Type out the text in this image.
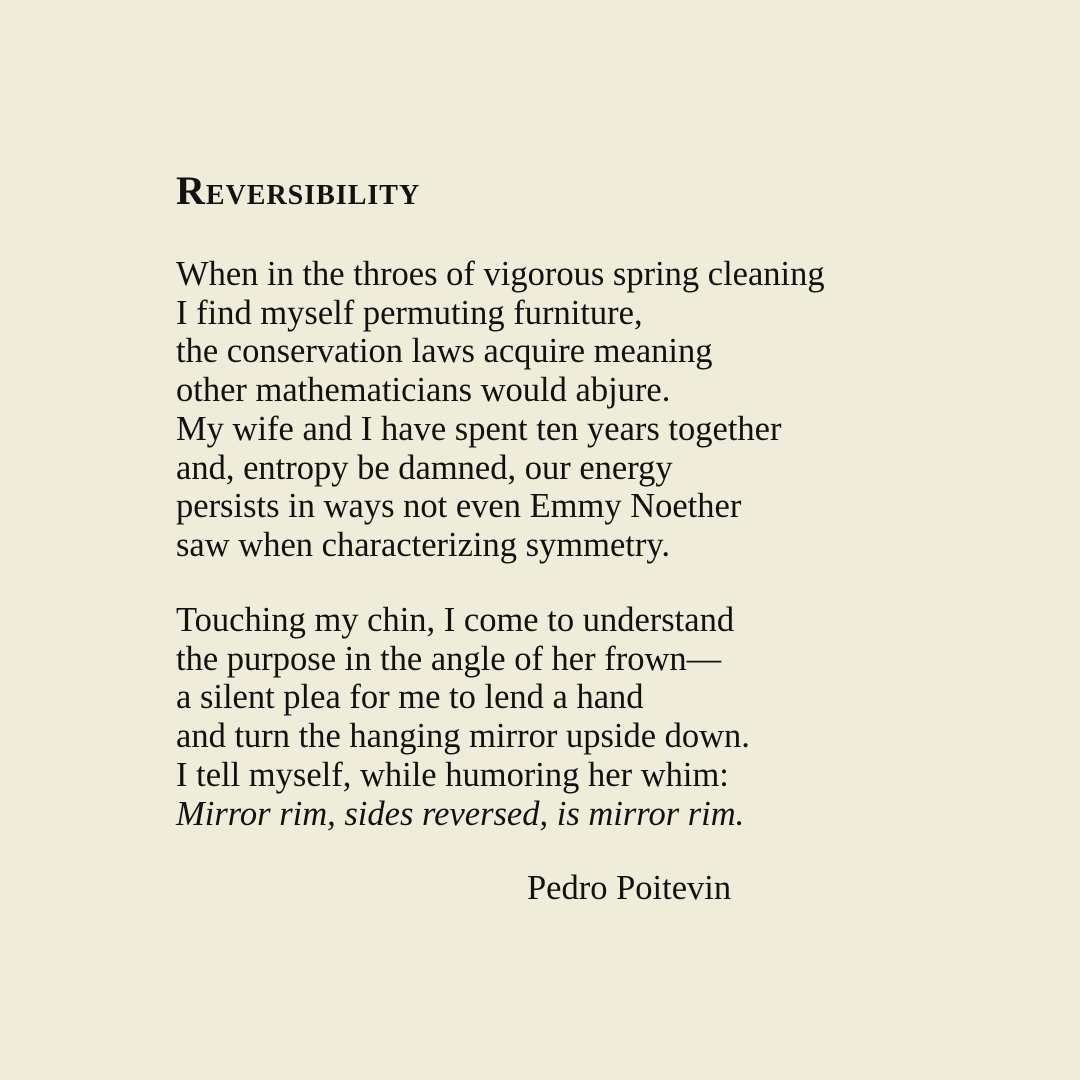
Reversibility

When in the throes of vigorous spring cleaning
I find myself permuting furniture,
the conservation laws acquire meaning
other mathematicians would abjure.
My wife and I have spent ten years together
and, entropy be damned, our energy
persists in ways not even Emmy Noether
saw when characterizing symmetry.

Touching my chin, I come to understand
the purpose in the angle of her frown—
a silent plea for me to lend a hand
and turn the hanging mirror upside down.
I tell myself, while humoring her whim:
Mirror rim, sides reversed, is mirror rim.

Pedro Poitevin
